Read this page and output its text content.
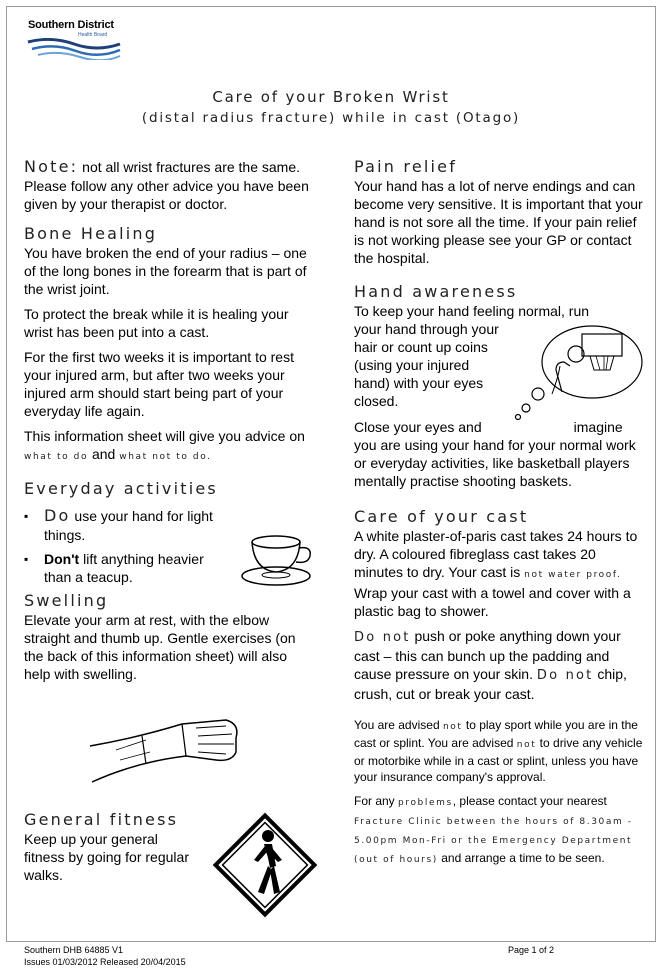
Southern District
Health Board
Care of your Broken Wrist
(distal radius fracture) while in cast (Otago)

Note: not all wrist fractures are the same. Please follow any other advice you have been given by your therapist or doctor.

Bone Healing

You have broken the end of your radius – one of the long bones in the forearm that is part of the wrist joint.

To protect the break while it is healing your wrist has been put into a cast.

For the first two weeks it is important to rest your injured arm, but after two weeks your injured arm should start being part of your everyday life again.

This information sheet will give you advice on what to do and what not to do.

Everyday activities

▪ Do use your hand for light things.

▪ Don't lift anything heavier than a teacup.

Swelling

Elevate your arm at rest, with the elbow straight and thumb up. Gentle exercises (on the back of this information sheet) will also help with swelling.

General fitness

Keep up your general fitness by going for regular walks.

Pain relief

Your hand has a lot of nerve endings and can become very sensitive. It is important that your hand is not sore all the time. If your pain relief is not working please see your GP or contact the hospital.

Hand awareness

To keep your hand feeling normal, run

your hand through your hair or count up coins (using your injured hand) with your eyes closed.

Close your eyes and	imagine you are using your hand for your normal work or everyday activities, like basketball players mentally practise shooting baskets.

Care of your cast

A white plaster-of-paris cast takes 24 hours to dry. A coloured fibreglass cast takes 20 minutes to dry. Your cast is not water proof. Wrap your cast with a towel and cover with a plastic bag to shower.

Do not push or poke anything down your cast – this can bunch up the padding and cause pressure on your skin. Do not chip, crush, cut or break your cast.

You are advised not to play sport while you are in the cast or splint. You are advised not to drive any vehicle or motorbike while in a cast or splint, unless you have your insurance company's approval.

For any problems, please contact your nearest Fracture Clinic between the hours of 8.30am - 5.00pm Mon-Fri or the Emergency Department (out of hours) and arrange a time to be seen.

Southern DHB 64885 V1
Issues 01/03/2012 Released 20/04/2015
Page 1 of 2
